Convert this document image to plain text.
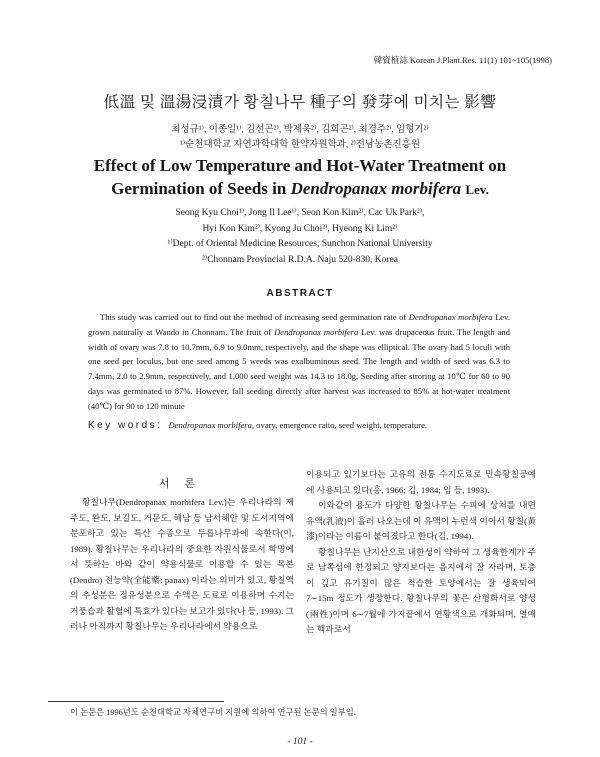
韓資植誌 Korean J.Plant.Res. 11(1) 101~105(1998)
低溫 및 溫湯浸漬가 황칠나무 種子의 發芽에 미치는 影響
최성규¹⁾, 이종일¹⁾, 김선곤²⁾, 박제욱²⁾, 김희곤²⁾, 최경주²⁾, 임형기²⁾
¹⁾순천대학교 자연과학대학 한약자원학과, ²⁾전남농촌진흥원
Effect of Low Temperature and Hot-Water Treatment on
Germination of Seeds in Dendropanax morbifera Lev.
Seong Kyu Choi¹⁾, Jong Il Lee¹⁾, Seon Kon Kim²⁾, Cac Uk Park²⁾,
Hyi Kon Kim²⁾, Kyong Ju Choi²⁾, Hyeong Ki Lim²⁾
¹⁾Dept. of Oriental Medicine Resources, Sunchon National University
²⁾Chonnam Provincial R.D.A. Naju 520-830, Korea
ABSTRACT
This study was carried out to find out the method of increasing seed germination rate of Dendropanax morbifera Lev. grown naturally at Wando in Chonnam. The fruit of Dendropanax morbifera Lev. was drupaceous fruit. The length and width of ovary was 7.8 to 10.7mm, 6.9 to 9.0mm, respectively, and the shape was elliptical. The ovary had 5 loculi with one seed per loculus, but one seed among 5 weeds was exalbuminous seed. The length and width of seed was 6.3 to 7.4mm, 2.0 to 2.9mm, respectively, and 1,000 seed weight was 14.3 to 18.0g. Seeding after stroring at 10℃ for 60 to 90 days was germinated to 87%. However, fall seeding directly after harvest was increased to 85% at hot-water treatment (40℃) for 90 to 120 minute
Key words: Dendropanax morbifera, ovary, emergence ratio, seed weight, temperature.
서 론

황칠나무(Dendropanax morbifera Lev.)는 우리나라의 제주도, 완도, 보길도, 거문도, 해남 등 남서해안 및 도서지역에 분포하고 있는 특산 수종으로 두릅나무과에 속한다(이, 1989). 황칠나무는 우리나라의 중요한 자원식물로서 학명에서 뜻하는 바와 같이 약용식물로 이용할 수 있는 목본(Dendro) 전능약(全能藥: panax) 이라는 의미가 있고, 황칠액의 추성분은 정유성분으로 수액은 도료로 이용하며 수지는 거풍습과 활혈에 특효가 있다는 보고가 있다(나 등, 1993). 그러나 아직까지 황칠나무는 우리나라에서 약용으로

이용되고 있기보다는 고유의 전통 수지도료로 민속황칠공예에 사용되고 있다(홍, 1966; 김, 1984; 임 등, 1993).

이와같이 용도가 다양한 황칠나무는 수피에 상처를 내면 유액(乳液)이 흘러 나오는데 이 유액이 누런색 이어서 황칠(黃漆)이라는 이름이 붙여졌다고 한다(김, 1994).

황칠나무는 난지산으로 내한성이 약하여 그 생육한계가 주로 남쪽섬에 한정되고 양지보다는 음지에서 잘 자라며, 토층이 깊고 유기질이 많은 적습한 토양에서는 잘 생육되어 7∼15m 정도가 생장한다. 황칠나무의 꽃은 산형화서로 양성(兩性)이며 6∼7월에 가지끝에서 연황색으로 개화되며, 열매는 핵과로서

이 논문은 1996년도 순천대학교 자체연구비 지원에 의하여 연구된 논문의 일부임.
- 101 -
